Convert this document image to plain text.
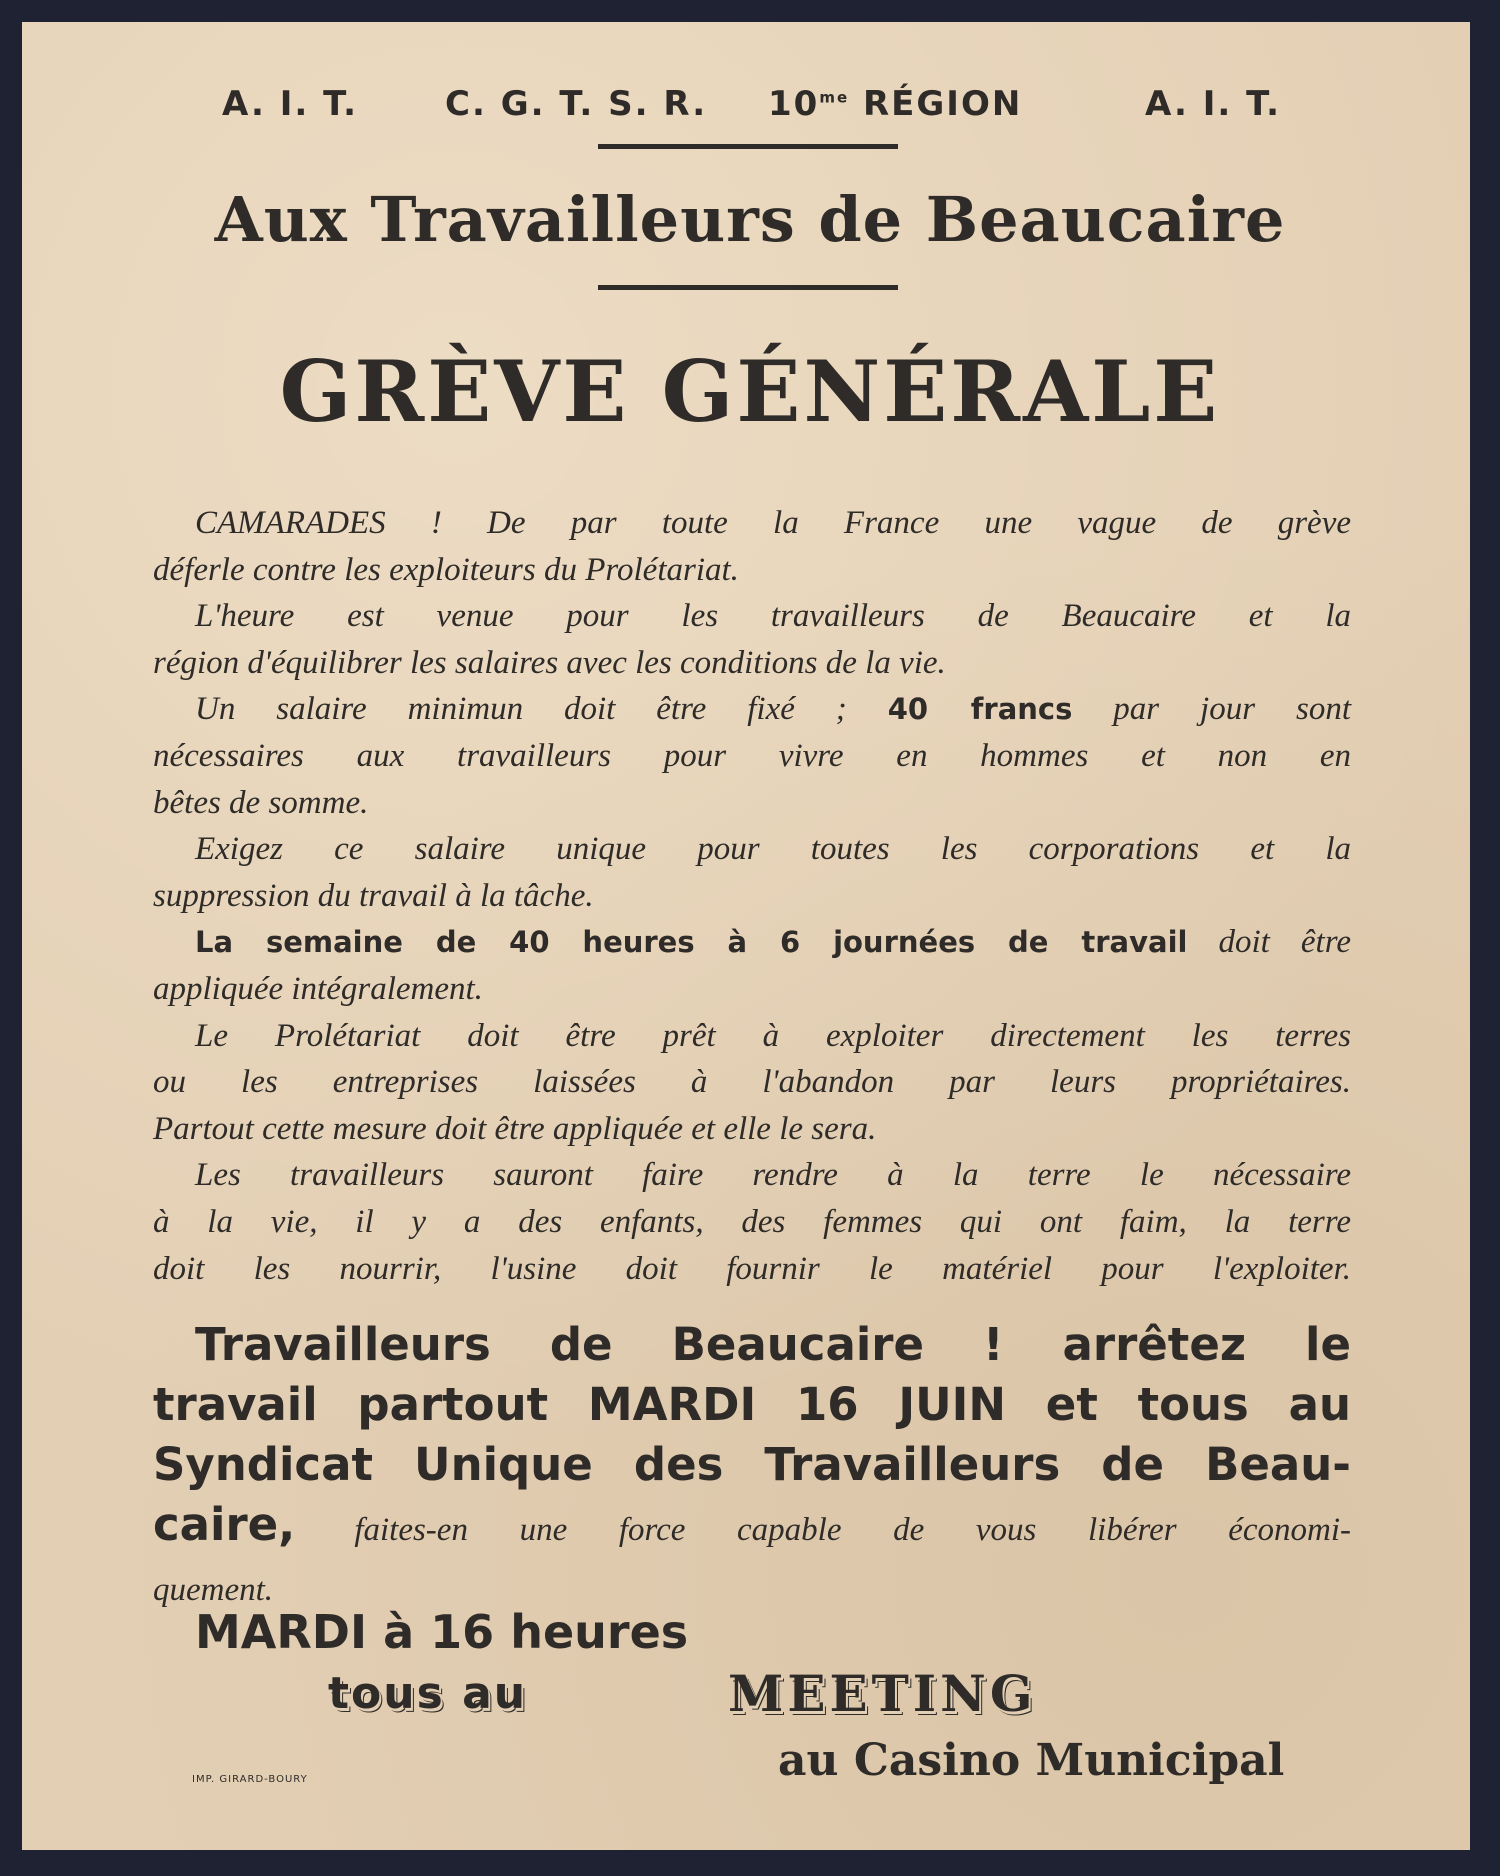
A. I. T.	C. G. T. S. R. $10^{me}$ RÉGION	A. I. T.
Aux Travailleurs de Beaucaire
GRÈVE GÉNÉRALE
CAMARADES ! De par toute la France une vague de grève
déferle contre les exploiteurs du Prolétariat.
L'heure est venue pour les travailleurs de Beaucaire et la
région d'équilibrer les salaires avec les conditions de la vie.
Un salaire minimun doit être fixé ; 40 francs par jour sont
nécessaires aux travailleurs pour vivre en hommes et non en
bêtes de somme.
Exigez ce salaire unique pour toutes les corporations et la
suppression du travail à la tâche.
La semaine de 40 heures à 6 journées de travail doit être
appliquée intégralement.
Le Prolétariat doit être prêt à exploiter directement les terres
ou les entreprises laissées à l'abandon par leurs propriétaires.
Partout cette mesure doit être appliquée et elle le sera.
Les travailleurs sauront faire rendre à la terre le nécessaire
à la vie, il y a des enfants, des femmes qui ont faim, la terre
doit les nourrir, l'usine doit fournir le matériel pour l'exploiter.
Travailleurs de Beaucaire ! arrêtez le
travail partout MARDI 16 JUIN et tous au
Syndicat Unique des Travailleurs de Beau-
caire, faites-en une force capable de vous libérer économi-
quement.
MARDI à 16 heures
tous au	MEETING
au Casino Municipal
IMP. GIRARD-BOURY
